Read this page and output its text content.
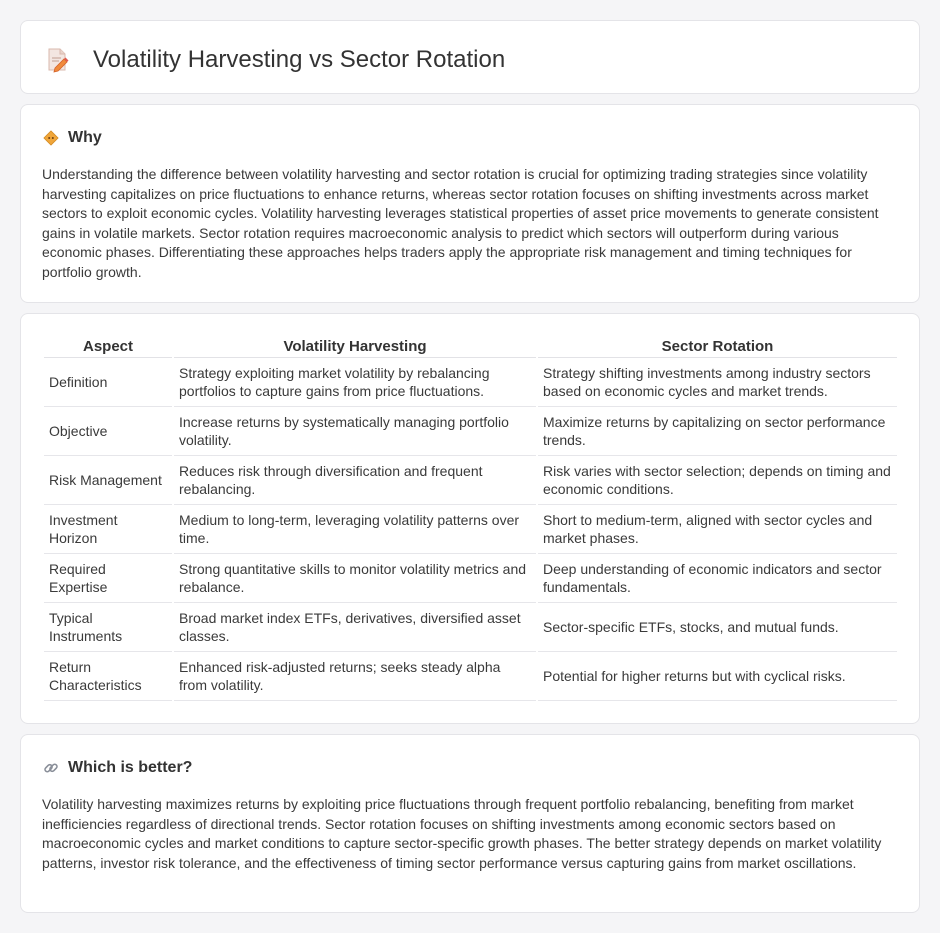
Volatility Harvesting vs Sector Rotation
Why

Understanding the difference between volatility harvesting and sector rotation is crucial for optimizing trading strategies since volatility harvesting capitalizes on price fluctuations to enhance returns, whereas sector rotation focuses on shifting investments across market sectors to exploit economic cycles. Volatility harvesting leverages statistical properties of asset price movements to generate consistent gains in volatile markets. Sector rotation requires macroeconomic analysis to predict which sectors will outperform during various economic phases. Differentiating these approaches helps traders apply the appropriate risk management and timing techniques for portfolio growth.

Aspect	Volatility Harvesting	Sector Rotation
Definition	Strategy exploiting market volatility by rebalancing portfolios to capture gains from price fluctuations.	Strategy shifting investments among industry sectors based on economic cycles and market trends.
Objective	Increase returns by systematically managing portfolio volatility.	Maximize returns by capitalizing on sector performance trends.
Risk Management	Reduces risk through diversification and frequent rebalancing.	Risk varies with sector selection; depends on timing and economic conditions.
Investment Horizon	Medium to long-term, leveraging volatility patterns over time.	Short to medium-term, aligned with sector cycles and market phases.
Required Expertise	Strong quantitative skills to monitor volatility metrics and rebalance.	Deep understanding of economic indicators and sector fundamentals.
Typical Instruments	Broad market index ETFs, derivatives, diversified asset classes.	Sector-specific ETFs, stocks, and mutual funds.
Return Characteristics	Enhanced risk-adjusted returns; seeks steady alpha from volatility.	Potential for higher returns but with cyclical risks.
Which is better?

Volatility harvesting maximizes returns by exploiting price fluctuations through frequent portfolio rebalancing, benefiting from market inefficiencies regardless of directional trends. Sector rotation focuses on shifting investments among economic sectors based on macroeconomic cycles and market conditions to capture sector-specific growth phases. The better strategy depends on market volatility patterns, investor risk tolerance, and the effectiveness of timing sector performance versus capturing gains from market oscillations.
